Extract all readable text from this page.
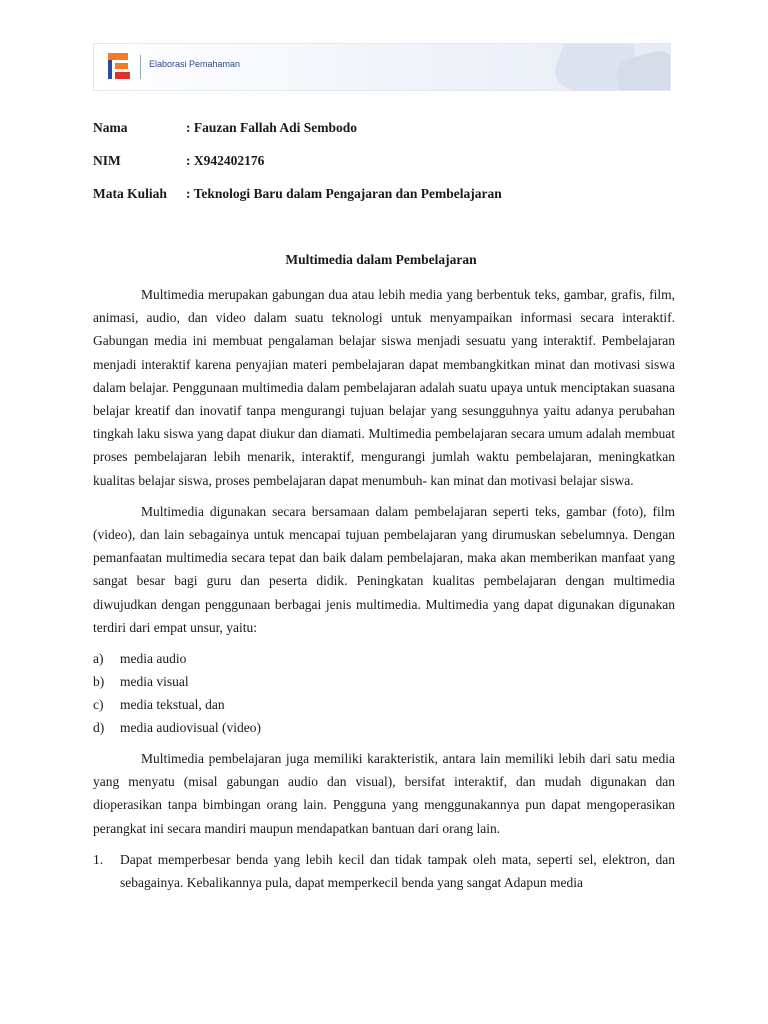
Elaborasi Pemahaman
Nama	: Fauzan Fallah Adi Sembodo
NIM	: X942402176
Mata Kuliah	: Teknologi Baru dalam Pengajaran dan Pembelajaran
Multimedia dalam Pembelajaran

Multimedia merupakan gabungan dua atau lebih media yang berbentuk teks, gambar, grafis, film, animasi, audio, dan video dalam suatu teknologi untuk menyampaikan informasi secara interaktif. Gabungan media ini membuat pengalaman belajar siswa menjadi sesuatu yang interaktif. Pembelajaran menjadi interaktif karena penyajian materi pembelajaran dapat membangkitkan minat dan motivasi siswa dalam belajar. Penggunaan multimedia dalam pembelajaran adalah suatu upaya untuk menciptakan suasana belajar kreatif dan inovatif tanpa mengurangi tujuan belajar yang sesungguhnya yaitu adanya perubahan tingkah laku siswa yang dapat diukur dan diamati. Multimedia pembelajaran secara umum adalah membuat proses pembelajaran lebih menarik, interaktif, mengurangi jumlah waktu pembelajaran, meningkatkan kualitas belajar siswa, proses pembelajaran dapat menumbuh- kan minat dan motivasi belajar siswa.

Multimedia digunakan secara bersamaan dalam pembelajaran seperti teks, gambar (foto), film (video), dan lain sebagainya untuk mencapai tujuan pembelajaran yang dirumuskan sebelumnya. Dengan pemanfaatan multimedia secara tepat dan baik dalam pembelajaran, maka akan memberikan manfaat yang sangat besar bagi guru dan peserta didik. Peningkatan kualitas pembelajaran dengan multimedia diwujudkan dengan penggunaan berbagai jenis multimedia. Multimedia yang dapat digunakan digunakan terdiri dari empat unsur, yaitu:

a)	media audio
b)	media visual
c)	media tekstual, dan
d)	media audiovisual (video)

Multimedia pembelajaran juga memiliki karakteristik, antara lain memiliki lebih dari satu media yang menyatu (misal gabungan audio dan visual), bersifat interaktif, dan mudah digunakan dan dioperasikan tanpa bimbingan orang lain. Pengguna yang menggunakannya pun dapat mengoperasikan perangkat ini secara mandiri maupun mendapatkan bantuan dari orang lain.

1.	Dapat memperbesar benda yang lebih kecil dan tidak tampak oleh mata, seperti sel, elektron, dan sebagainya. Kebalikannya pula, dapat memperkecil benda yang sangat Adapun media
